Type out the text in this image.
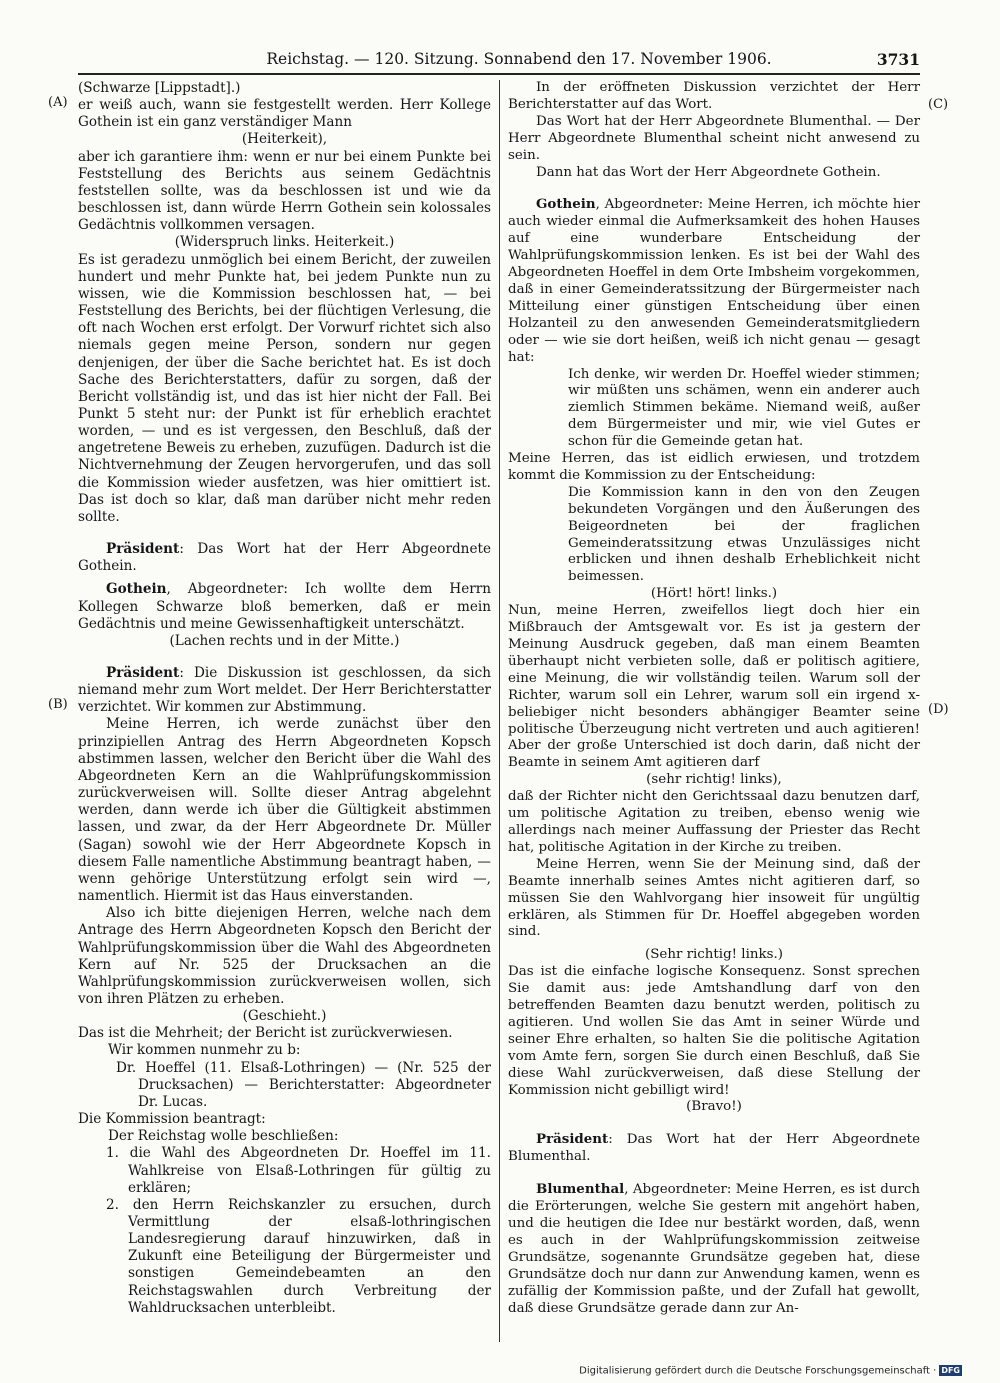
Reichstag. — 120. Sitzung. Sonnabend den 17. November 1906.	3731
(A)
(B)
(C)
(D)

(Schwarze [Lippstadt].)

er weiß auch, wann sie festgestellt werden. Herr Kollege Gothein ist ein ganz verständiger Mann

(Heiterkeit),

aber ich garantiere ihm: wenn er nur bei einem Punkte bei Feststellung des Berichts aus seinem Gedächtnis feststellen sollte, was da beschlossen ist und wie da beschlossen ist, dann würde Herrn Gothein sein kolossales Gedächtnis vollkommen versagen.

(Widerspruch links. Heiterkeit.)

Es ist geradezu unmöglich bei einem Bericht, der zuweilen hundert und mehr Punkte hat, bei jedem Punkte nun zu wissen, wie die Kommission beschlossen hat, — bei Feststellung des Berichts, bei der flüchtigen Verlesung, die oft nach Wochen erst erfolgt. Der Vorwurf richtet sich also niemals gegen meine Person, sondern nur gegen denjenigen, der über die Sache berichtet hat. Es ist doch Sache des Berichterstatters, dafür zu sorgen, daß der Bericht vollständig ist, und das ist hier nicht der Fall. Bei Punkt 5 steht nur: der Punkt ist für erheblich erachtet worden, — und es ist vergessen, den Beschluß, daß der angetretene Beweis zu erheben, zuzufügen. Dadurch ist die Nichtvernehmung der Zeugen hervorgerufen, und das soll die Kommission wieder ausfetzen, was hier omittiert ist. Das ist doch so klar, daß man darüber nicht mehr reden sollte.

Präsident: Das Wort hat der Herr Abgeordnete Gothein.

Gothein, Abgeordneter: Ich wollte dem Herrn Kollegen Schwarze bloß bemerken, daß er mein Gedächtnis und meine Gewissenhaftigkeit unterschätzt.

(Lachen rechts und in der Mitte.)

Präsident: Die Diskussion ist geschlossen, da sich niemand mehr zum Wort meldet. Der Herr Berichterstatter verzichtet. Wir kommen zur Abstimmung.

Meine Herren, ich werde zunächst über den prinzipiellen Antrag des Herrn Abgeordneten Kopsch abstimmen lassen, welcher den Bericht über die Wahl des Abgeordneten Kern an die Wahlprüfungskommission zurückverweisen will. Sollte dieser Antrag abgelehnt werden, dann werde ich über die Gültigkeit abstimmen lassen, und zwar, da der Herr Abgeordnete Dr. Müller (Sagan) sowohl wie der Herr Abgeordnete Kopsch in diesem Falle namentliche Abstimmung beantragt haben, — wenn gehörige Unterstützung erfolgt sein wird —, namentlich. Hiermit ist das Haus einverstanden.

Also ich bitte diejenigen Herren, welche nach dem Antrage des Herrn Abgeordneten Kopsch den Bericht der Wahlprüfungskommission über die Wahl des Abgeordneten Kern auf Nr. 525 der Drucksachen an die Wahlprüfungskommission zurückverweisen wollen, sich von ihren Plätzen zu erheben.

(Geschieht.)

Das ist die Mehrheit; der Bericht ist zurückverwiesen.

Wir kommen nunmehr zu b:

Dr. Hoeffel (11. Elsaß-Lothringen) — (Nr. 525 der Drucksachen) — Berichterstatter: Abgeordneter Dr. Lucas.

Die Kommission beantragt:

Der Reichstag wolle beschließen:

1. die Wahl des Abgeordneten Dr. Hoeffel im 11. Wahlkreise von Elsaß-Lothringen für gültig zu erklären;

2. den Herrn Reichskanzler zu ersuchen, durch Vermittlung der elsaß-lothringischen Landesregierung darauf hinzuwirken, daß in Zukunft eine Beteiligung der Bürgermeister und sonstigen Gemeindebeamten an den Reichstagswahlen durch Verbreitung der Wahldrucksachen unterbleibt.

In der eröffneten Diskussion verzichtet der Herr Berichterstatter auf das Wort.

Das Wort hat der Herr Abgeordnete Blumenthal. — Der Herr Abgeordnete Blumenthal scheint nicht anwesend zu sein.

Dann hat das Wort der Herr Abgeordnete Gothein.

Gothein, Abgeordneter: Meine Herren, ich möchte hier auch wieder einmal die Aufmerksamkeit des hohen Hauses auf eine wunderbare Entscheidung der Wahlprüfungskommission lenken. Es ist bei der Wahl des Abgeordneten Hoeffel in dem Orte Imbsheim vorgekommen, daß in einer Gemeinderatssitzung der Bürgermeister nach Mitteilung einer günstigen Entscheidung über einen Holzanteil zu den anwesenden Gemeinderatsmitgliedern oder — wie sie dort heißen, weiß ich nicht genau — gesagt hat:

Ich denke, wir werden Dr. Hoeffel wieder stimmen; wir müßten uns schämen, wenn ein anderer auch ziemlich Stimmen bekäme. Niemand weiß, außer dem Bürgermeister und mir, wie viel Gutes er schon für die Gemeinde getan hat.

Meine Herren, das ist eidlich erwiesen, und trotzdem kommt die Kommission zu der Entscheidung:

Die Kommission kann in den von den Zeugen bekundeten Vorgängen und den Äußerungen des Beigeordneten bei der fraglichen Gemeinderatssitzung etwas Unzulässiges nicht erblicken und ihnen deshalb Erheblichkeit nicht beimessen.

(Hört! hört! links.)

Nun, meine Herren, zweifellos liegt doch hier ein Mißbrauch der Amtsgewalt vor. Es ist ja gestern der Meinung Ausdruck gegeben, daß man einem Beamten überhaupt nicht verbieten solle, daß er politisch agitiere, eine Meinung, die wir vollständig teilen. Warum soll der Richter, warum soll ein Lehrer, warum soll ein irgend x-beliebiger nicht besonders abhängiger Beamter seine politische Überzeugung nicht vertreten und auch agitieren! Aber der große Unterschied ist doch darin, daß nicht der Beamte in seinem Amt agitieren darf

(sehr richtig! links),

daß der Richter nicht den Gerichtssaal dazu benutzen darf, um politische Agitation zu treiben, ebenso wenig wie allerdings nach meiner Auffassung der Priester das Recht hat, politische Agitation in der Kirche zu treiben.

Meine Herren, wenn Sie der Meinung sind, daß der Beamte innerhalb seines Amtes nicht agitieren darf, so müssen Sie den Wahlvorgang hier insoweit für ungültig erklären, als Stimmen für Dr. Hoeffel abgegeben worden sind.

(Sehr richtig! links.)

Das ist die einfache logische Konsequenz. Sonst sprechen Sie damit aus: jede Amtshandlung darf von den betreffenden Beamten dazu benutzt werden, politisch zu agitieren. Und wollen Sie das Amt in seiner Würde und seiner Ehre erhalten, so halten Sie die politische Agitation vom Amte fern, sorgen Sie durch einen Beschluß, daß Sie diese Wahl zurückverweisen, daß diese Stellung der Kommission nicht gebilligt wird!

(Bravo!)

Präsident: Das Wort hat der Herr Abgeordnete Blumenthal.

Blumenthal, Abgeordneter: Meine Herren, es ist durch die Erörterungen, welche Sie gestern mit angehört haben, und die heutigen die Idee nur bestärkt worden, daß, wenn es auch in der Wahlprüfungskommission zeitweise Grundsätze, sogenannte Grundsätze gegeben hat, diese Grundsätze doch nur dann zur Anwendung kamen, wenn es zufällig der Kommission paßte, und der Zufall hat gewollt, daß diese Grundsätze gerade dann zur An-

Digitalisierung gefördert durch die Deutsche Forschungsgemeinschaft · DFG
